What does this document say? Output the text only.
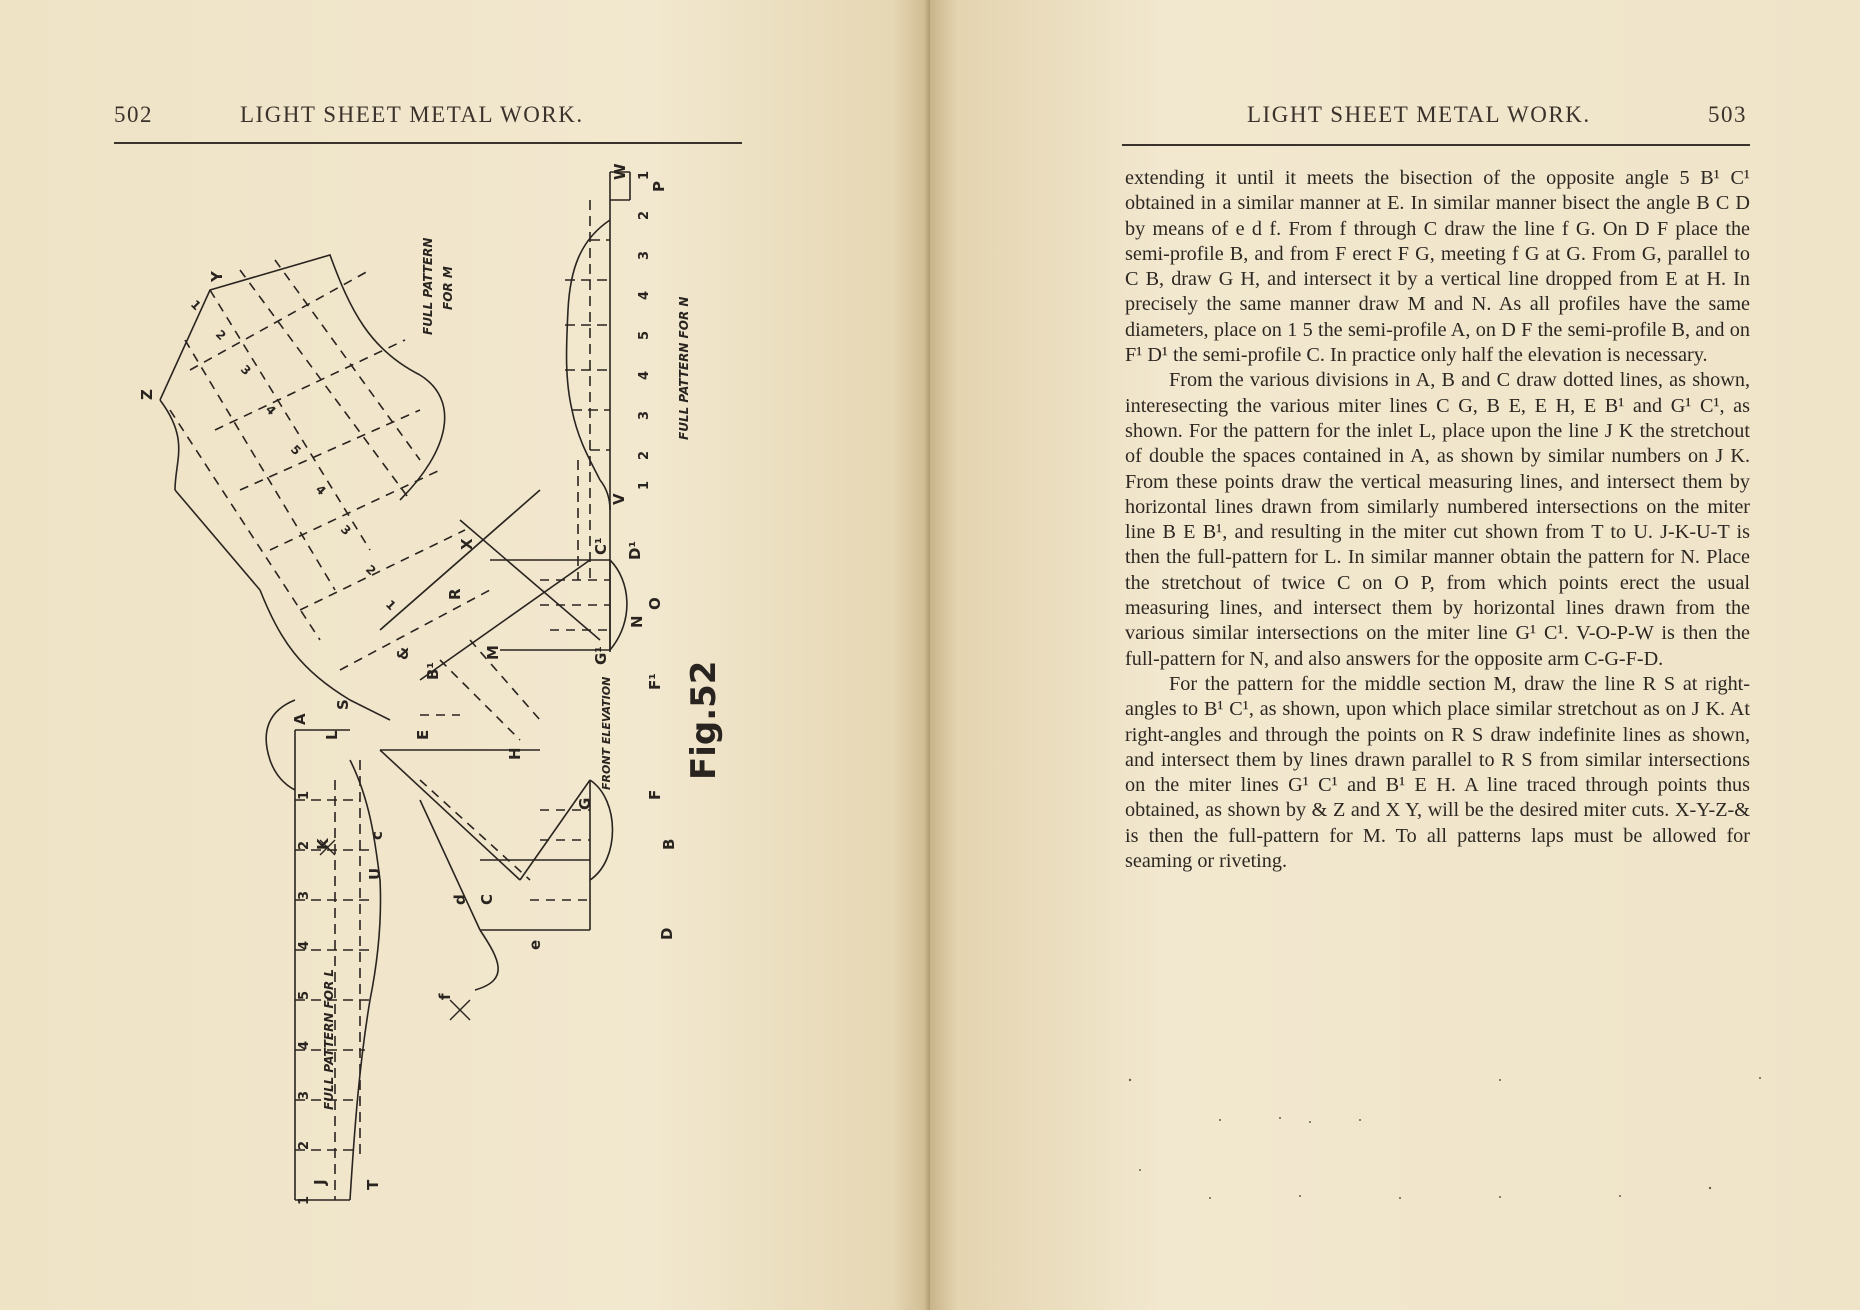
502	LIGHT SHEET METAL WORK.
Fig.52
FULL PATTERN FOR M
FULL PATTERN FOR N
FULL PATTERN FOR L
FRONT ELEVATION
Z
Y
X
R
S
&
V
W
P
O
N
D¹
C¹
G¹
F¹
C
M
L	E
B¹
A
H
G
F
B
D
K
U
J T
e
d
c
f
1
2
3
4
5
4
3
2
1
1
2
3
4
5
4
3
2
1
1
2
3
4
5
4
3
2
1
LIGHT SHEET METAL WORK.	503

extending it until it meets the bisection of the opposite angle 5 B¹ C¹ obtained in a similar manner at E. In similar manner bisect the angle B C D by means of e d f. From f through C draw the line f G. On D F place the semi-profile B, and from F erect F G, meeting f G at G. From G, parallel to C B, draw G H, and intersect it by a vertical line dropped from E at H. In precisely the same manner draw M and N. As all profiles have the same diameters, place on 1 5 the semi-profile A, on D F the semi-profile B, and on F¹ D¹ the semi-profile C. In practice only half the elevation is necessary.

From the various divisions in A, B and C draw dotted lines, as shown, interesecting the various miter lines C G, B E, E H, E B¹ and G¹ C¹, as shown. For the pattern for the inlet L, place upon the line J K the stretchout of double the spaces contained in A, as shown by similar numbers on J K. From these points draw the vertical measuring lines, and intersect them by horizontal lines drawn from similarly numbered intersections on the miter line B E B¹, and resulting in the miter cut shown from T to U. J-K-U-T is then the full-pattern for L. In similar manner obtain the pattern for N. Place the stretchout of twice C on O P, from which points erect the usual measuring lines, and intersect them by horizontal lines drawn from the various similar intersections on the miter line G¹ C¹. V-O-P-W is then the full-pattern for N, and also answers for the opposite arm C-G-F-D.

For the pattern for the middle section M, draw the line R S at right-angles to B¹ C¹, as shown, upon which place similar stretchout as on J K. At right-angles and through the points on R S draw indefinite lines as shown, and intersect them by lines drawn parallel to R S from similar intersections on the miter lines G¹ C¹ and B¹ E H. A line traced through points thus obtained, as shown by & Z and X Y, will be the desired miter cuts. X-Y-Z-& is then the full-pattern for M. To all patterns laps must be allowed for seaming or riveting.
